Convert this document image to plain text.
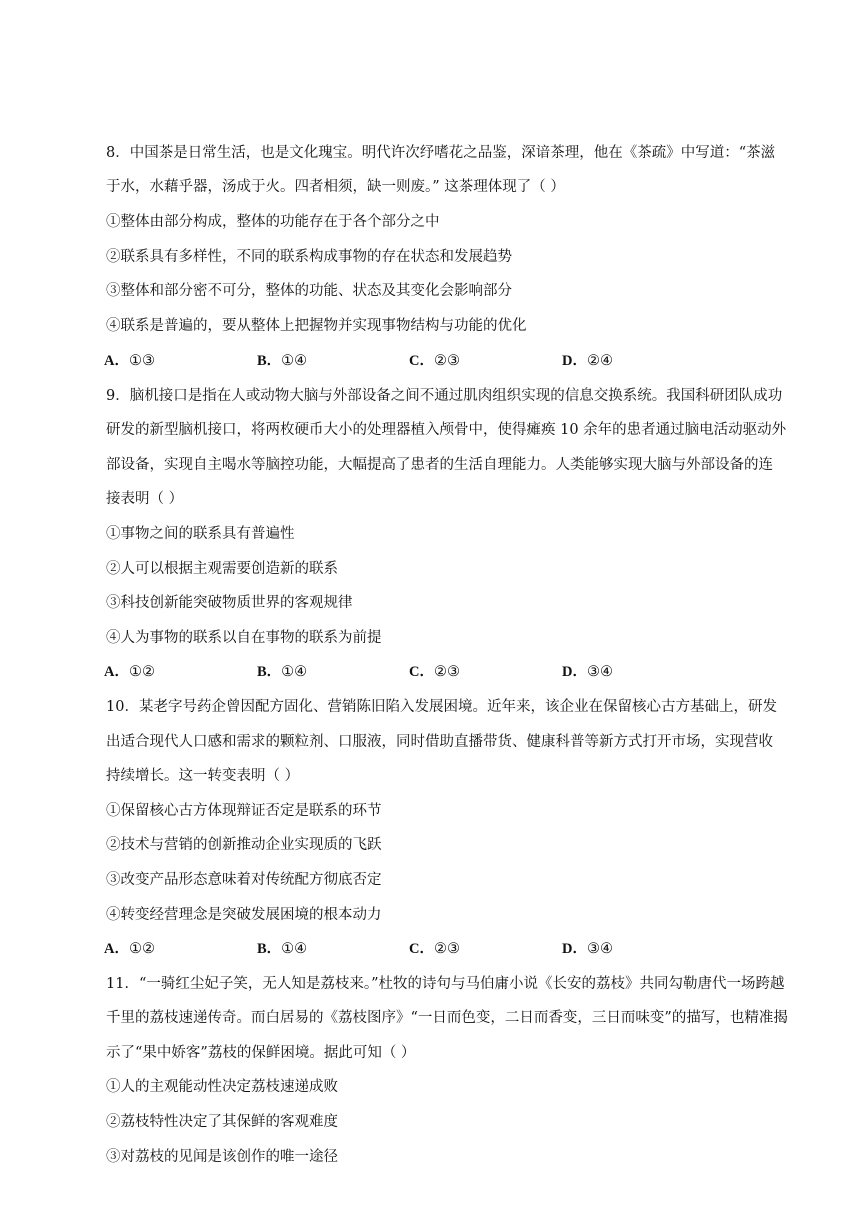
8．中国茶是日常生活，也是文化瑰宝。明代许次纾嗜花之品鉴，深谙茶理，他在《茶疏》中写道：“茶滋
于水，水藉乎器，汤成于火。四者相须，缺一则废。” 这茶理体现了（ ）
①整体由部分构成，整体的功能存在于各个部分之中
②联系具有多样性，不同的联系构成事物的存在状态和发展趋势
③整体和部分密不可分，整体的功能、状态及其变化会影响部分
④联系是普遍的，要从整体上把握物并实现事物结构与功能的优化
A．①③	B．①④	C．②③	D．②④
9．脑机接口是指在人或动物大脑与外部设备之间不通过肌肉组织实现的信息交换系统。我国科研团队成功
研发的新型脑机接口，将两枚硬币大小的处理器植入颅骨中，使得瘫痪 10 余年的患者通过脑电活动驱动外
部设备，实现自主喝水等脑控功能，大幅提高了患者的生活自理能力。人类能够实现大脑与外部设备的连
接表明（ ）
①事物之间的联系具有普遍性
②人可以根据主观需要创造新的联系
③科技创新能突破物质世界的客观规律
④人为事物的联系以自在事物的联系为前提
A．①②	B．①④	C．②③	D．③④
10．某老字号药企曾因配方固化、营销陈旧陷入发展困境。近年来，该企业在保留核心古方基础上，研发
出适合现代人口感和需求的颗粒剂、口服液，同时借助直播带货、健康科普等新方式打开市场，实现营收
持续增长。这一转变表明（ ）
①保留核心古方体现辩证否定是联系的环节
②技术与营销的创新推动企业实现质的飞跃
③改变产品形态意味着对传统配方彻底否定
④转变经营理念是突破发展困境的根本动力
A．①②	B．①④	C．②③	D．③④
11．“一骑红尘妃子笑，无人知是荔枝来。”杜牧的诗句与马伯庸小说《长安的荔枝》共同勾勒唐代一场跨越
千里的荔枝速递传奇。而白居易的《荔枝图序》“一日而色变，二日而香变，三日而味变”的描写，也精准揭
示了“果中娇客”荔枝的保鲜困境。据此可知（ ）
①人的主观能动性决定荔枝速递成败
②荔枝特性决定了其保鲜的客观难度
③对荔枝的见闻是该创作的唯一途径
